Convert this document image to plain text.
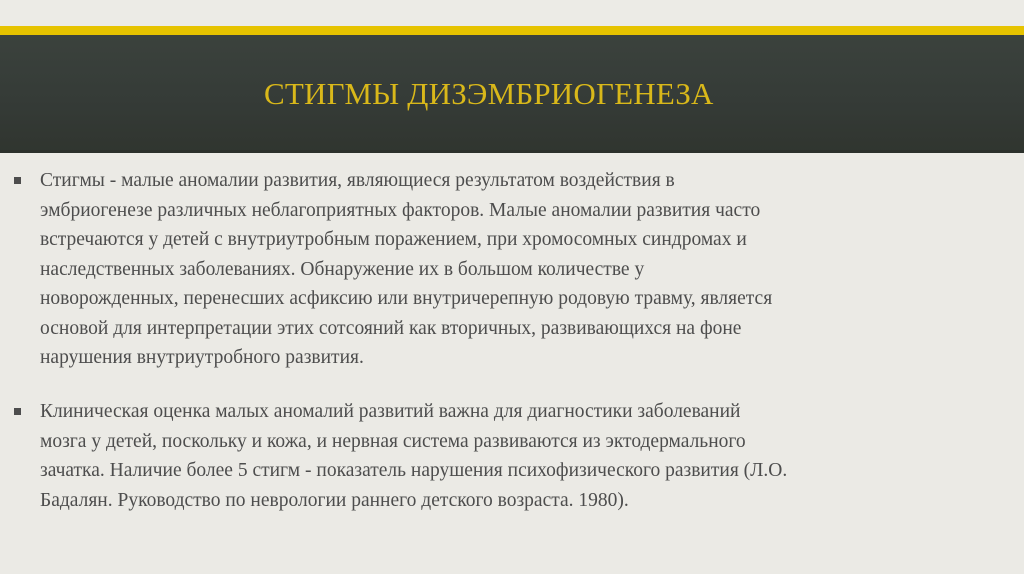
СТИГМЫ ДИЗЭМБРИОГЕНЕЗА
Стигмы - малые аномалии развития, являющиеся результатом воздействия в
эмбриогенезе различных неблагоприятных факторов. Малые аномалии развития часто
встречаются у детей с внутриутробным поражением, при хромосомных синдромах и
наследственных заболеваниях. Обнаружение их в большом количестве у
новорожденных, перенесших асфиксию или внутричерепную родовую травму, является
основой для интерпретации этих сотсояний как вторичных, развивающихся на фоне
нарушения внутриутробного развития.
Клиническая оценка малых аномалий развитий важна для диагностики заболеваний
мозга у детей, поскольку и кожа, и нервная система развиваются из эктодермального
зачатка. Наличие более 5 стигм - показатель нарушения психофизического развития (Л.О.
Бадалян. Руководство по неврологии раннего детского возраста. 1980).
